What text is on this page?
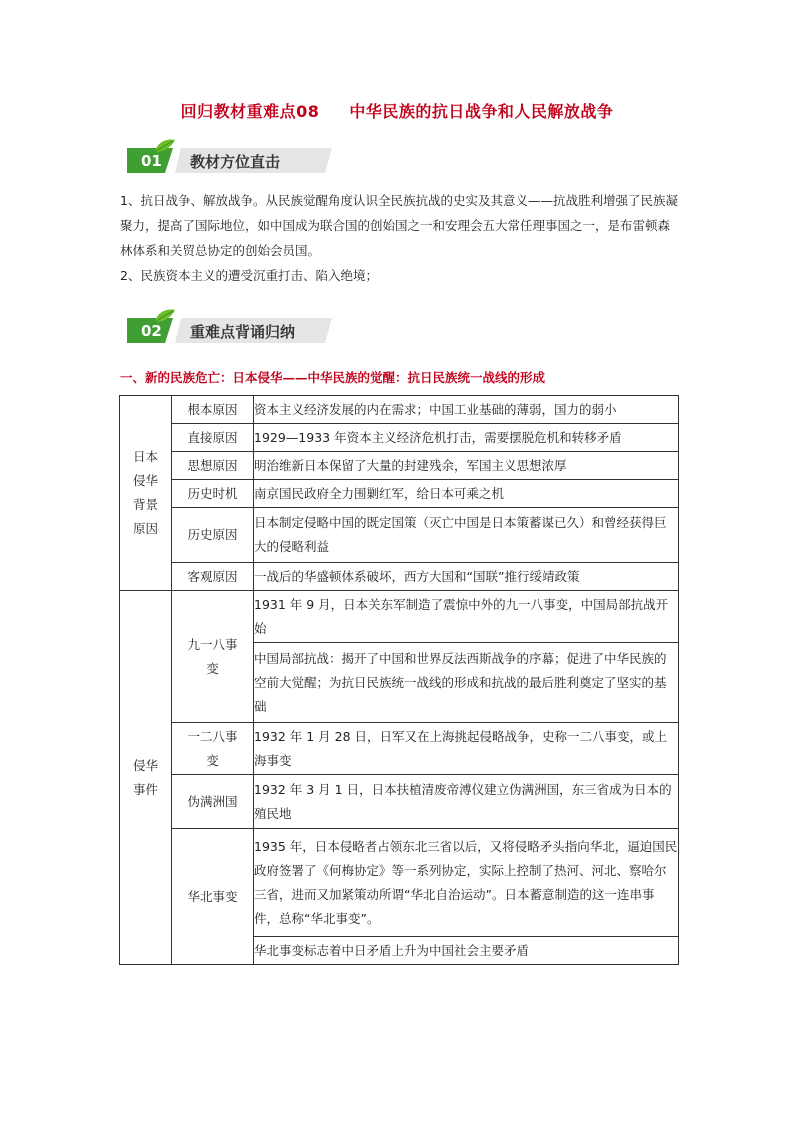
回归教材重难点08 中华民族的抗日战争和人民解放战争
01 教材方位直击

1、抗日战争、解放战争。从民族觉醒角度认识全民族抗战的史实及其意义——抗战胜利增强了民族凝聚力，提高了国际地位，如中国成为联合国的创始国之一和安理会五大常任理事国之一，是布雷顿森林体系和关贸总协定的创始会员国。

2、民族资本主义的遭受沉重打击、陷入绝境；

02 重难点背诵归纳
一、新的民族危亡：日本侵华——中华民族的觉醒：抗日民族统一战线的形成
日本侵华背景原因	根本原因	资本主义经济发展的内在需求；中国工业基础的薄弱，国力的弱小
	直接原因	1929—1933 年资本主义经济危机打击，需要摆脱危机和转移矛盾
	思想原因	明治维新日本保留了大量的封建残余，军国主义思想浓厚
	历史时机	南京国民政府全力围剿红军，给日本可乘之机
	历史原因	日本制定侵略中国的既定国策（灭亡中国是日本策蓄谋已久）和曾经获得巨大的侵略利益
	客观原因	一战后的华盛顿体系破坏，西方大国和“国联”推行绥靖政策

侵华事件	九一八事变	1931 年 9 月，日本关东军制造了震惊中外的九一八事变，中国局部抗战开始
		中国局部抗战：揭开了中国和世界反法西斯战争的序幕；促进了中华民族的空前大觉醒；为抗日民族统一战线的形成和抗战的最后胜利奠定了坚实的基础

	一二八事变	1932 年 1 月 28 日，日军又在上海挑起侵略战争，史称一二八事变，或上海事变
	伪满洲国	1932 年 3 月 1 日，日本扶植清废帝溥仪建立伪满洲国，东三省成为日本的殖民地
	华北事变	1935 年，日本侵略者占领东北三省以后，又将侵略矛头指向华北，逼迫国民政府签署了《何梅协定》等一系列协定，实际上控制了热河、河北、察哈尔三省，进而又加紧策动所谓“华北自治运动”。日本蓄意制造的这一连串事件，总称“华北事变”。
		华北事变标志着中日矛盾上升为中国社会主要矛盾
